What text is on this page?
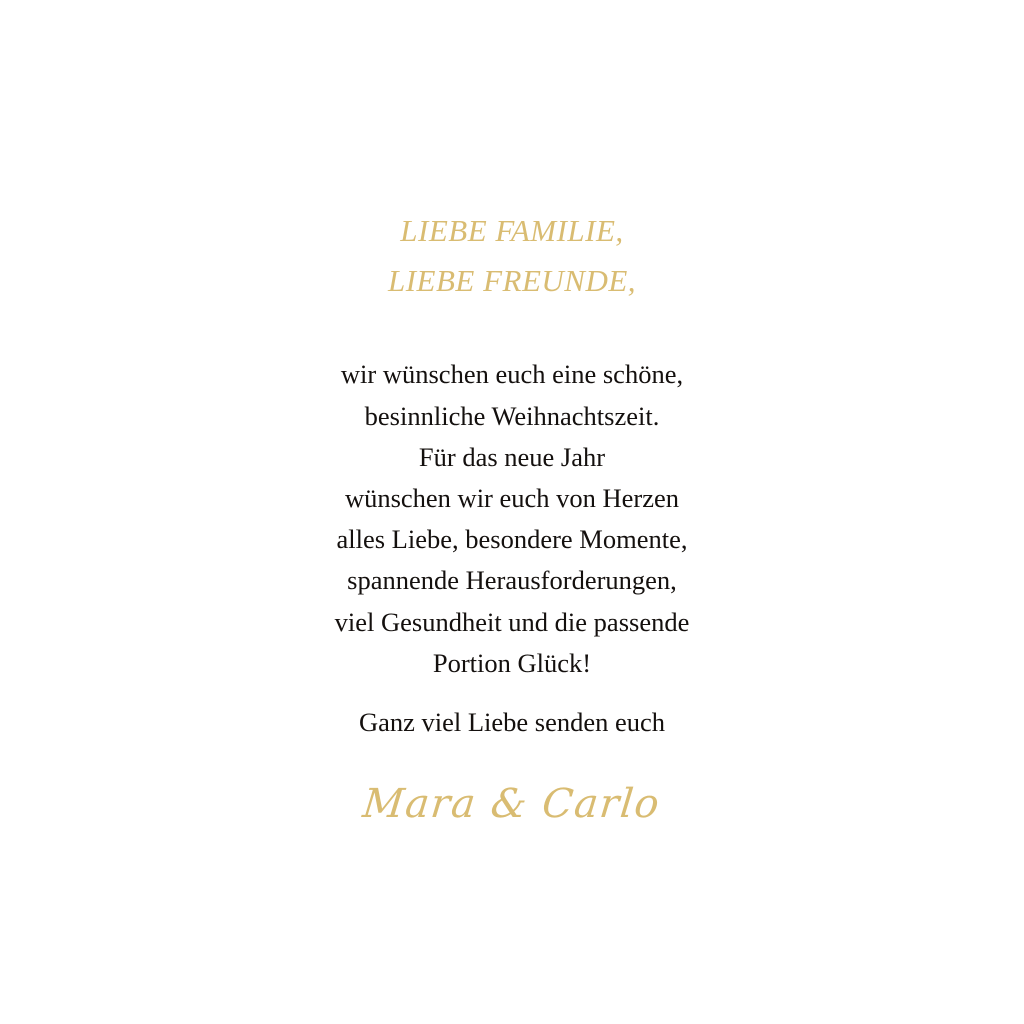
LIEBE FAMILIE,
LIEBE FREUNDE,
wir wünschen euch eine schöne,
besinnliche Weihnachtszeit.
Für das neue Jahr
wünschen wir euch von Herzen
alles Liebe, besondere Momente,
spannende Herausforderungen,
viel Gesundheit und die passende
Portion Glück!
Ganz viel Liebe senden euch
Mara & Carlo
